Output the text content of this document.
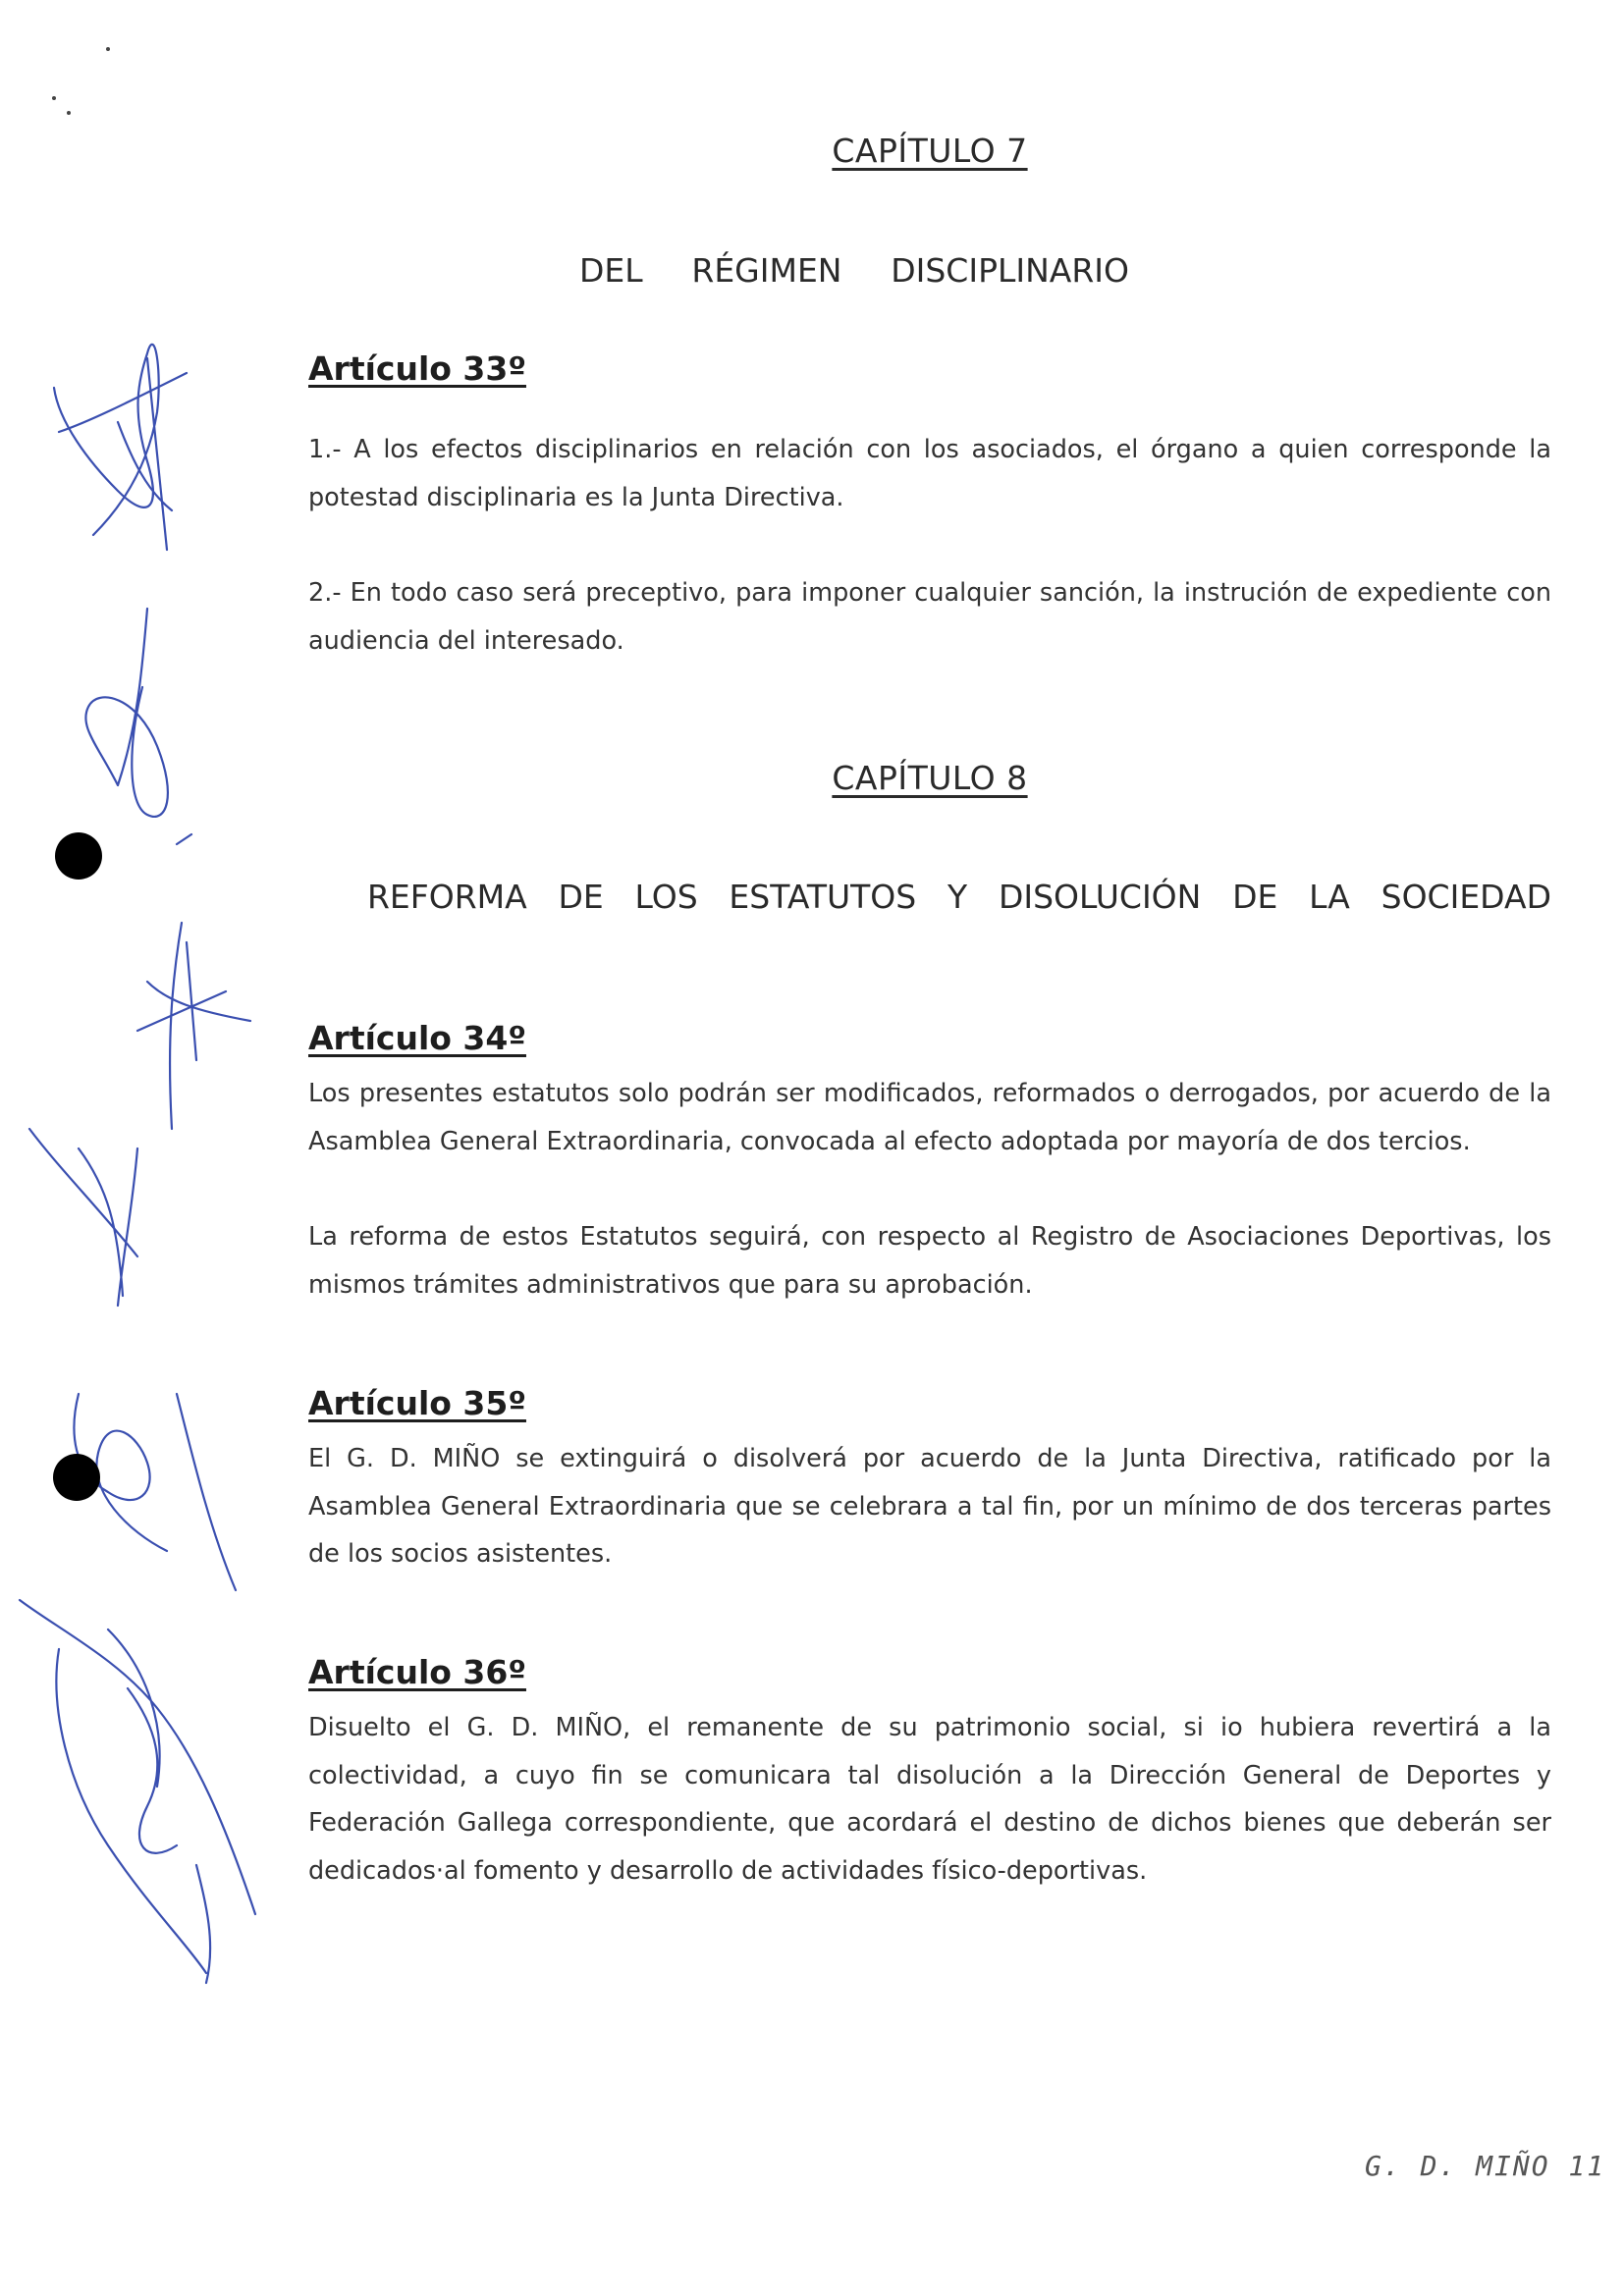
CAPÍTULO 7
DEL RÉGIMEN DISCIPLINARIO
Artículo 33º
1.- A los efectos disciplinarios en relación con los asociados, el órgano a quien corresponde la potestad disciplinaria es la Junta Directiva.
2.- En todo caso será preceptivo, para imponer cualquier sanción, la instrución de expediente con audiencia del interesado.
CAPÍTULO 8
REFORMA DE LOS ESTATUTOS Y DISOLUCIÓN DE LA SOCIEDAD
Artículo 34º
Los presentes estatutos solo podrán ser modificados, reformados o derrogados, por acuerdo de la Asamblea General Extraordinaria, convocada al efecto adoptada por mayoría de dos tercios.
La reforma de estos Estatutos seguirá, con respecto al Registro de Asociaciones Deportivas, los mismos trámites administrativos que para su aprobación.
Artículo 35º
El G. D. MIÑO se extinguirá o disolverá por acuerdo de la Junta Directiva, ratificado por la Asamblea General Extraordinaria que se celebrara a tal fin, por un mínimo de dos terceras partes de los socios asistentes.
Artículo 36º
Disuelto el G. D. MIÑO, el remanente de su patrimonio social, si io hubiera revertirá a la colectividad, a cuyo fin se comunicara tal disolución a la Dirección General de Deportes y Federación Gallega correspondiente, que acordará el destino de dichos bienes que deberán ser dedicados·al fomento y desarrollo de actividades físico-deportivas.
G. D. MIÑO 11
